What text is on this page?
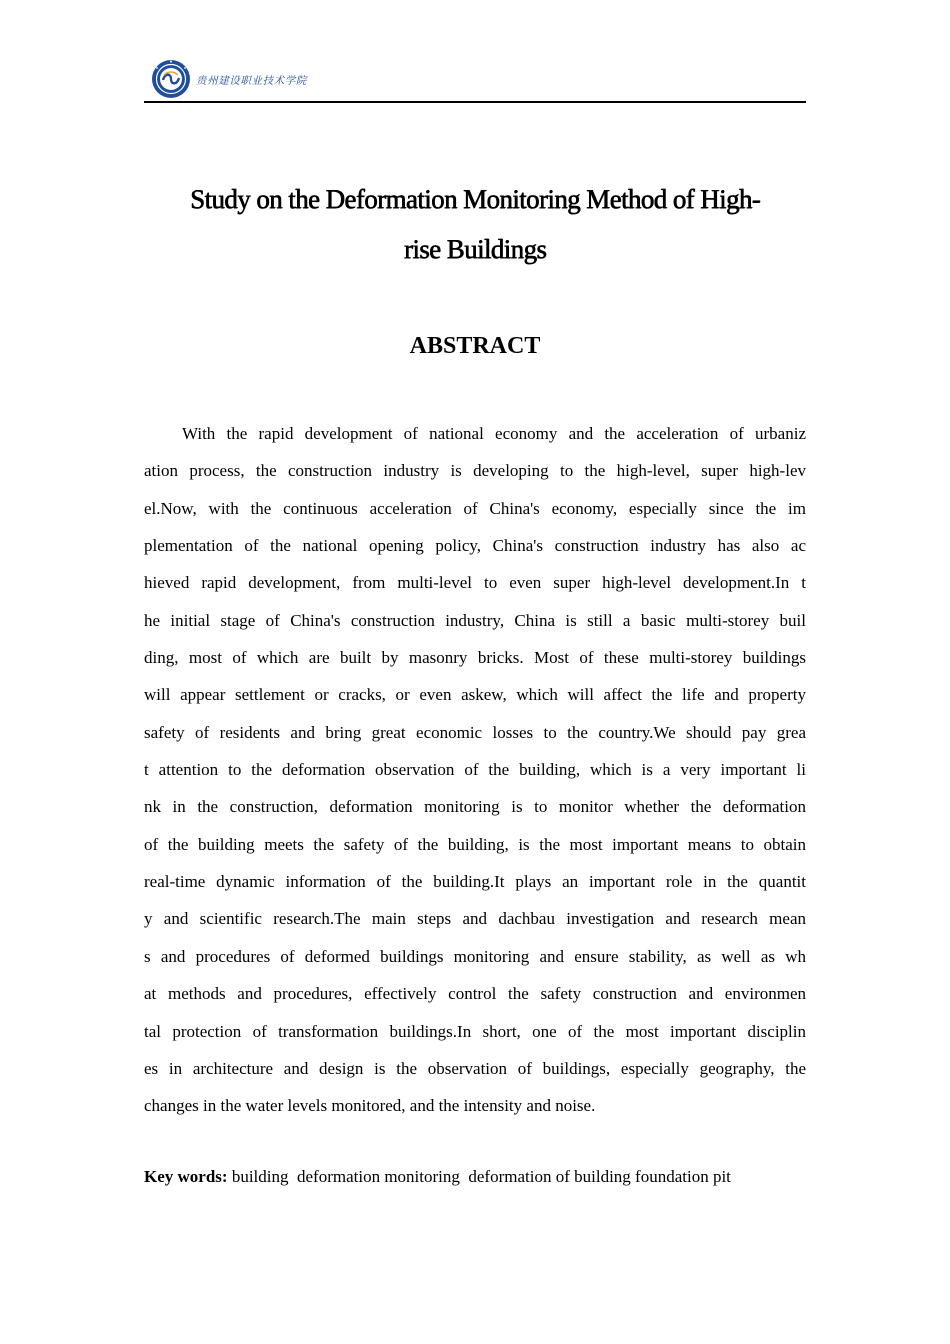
贵州建设职业技术学院
Study on the Deformation Monitoring Method of High-
rise Buildings
ABSTRACT
With the rapid development of national economy and the acceleration of urbaniz
ation process, the construction industry is developing to the high-level, super high-lev
el.Now, with the continuous acceleration of China's economy, especially since the im
plementation of the national opening policy, China's construction industry has also ac
hieved rapid development, from multi-level to even super high-level development.In t
he initial stage of China's construction industry, China is still a basic multi-storey buil
ding, most of which are built by masonry bricks. Most of these multi-storey buildings
will appear settlement or cracks, or even askew, which will affect the life and property
safety of residents and bring great economic losses to the country.We should pay grea
t attention to the deformation observation of the building, which is a very important li
nk in the construction, deformation monitoring is to monitor whether the deformation
of the building meets the safety of the building, is the most important means to obtain
real-time dynamic information of the building.It plays an important role in the quantit
y and scientific research.The main steps and dachbau investigation and research mean
s and procedures of deformed buildings monitoring and ensure stability, as well as wh
at methods and procedures, effectively control the safety construction and environmen
tal protection of transformation buildings.In short, one of the most important disciplin
es in architecture and design is the observation of buildings, especially geography, the
changes in the water levels monitored, and the intensity and noise.

Key words: building  deformation monitoring  deformation of building foundation pit
